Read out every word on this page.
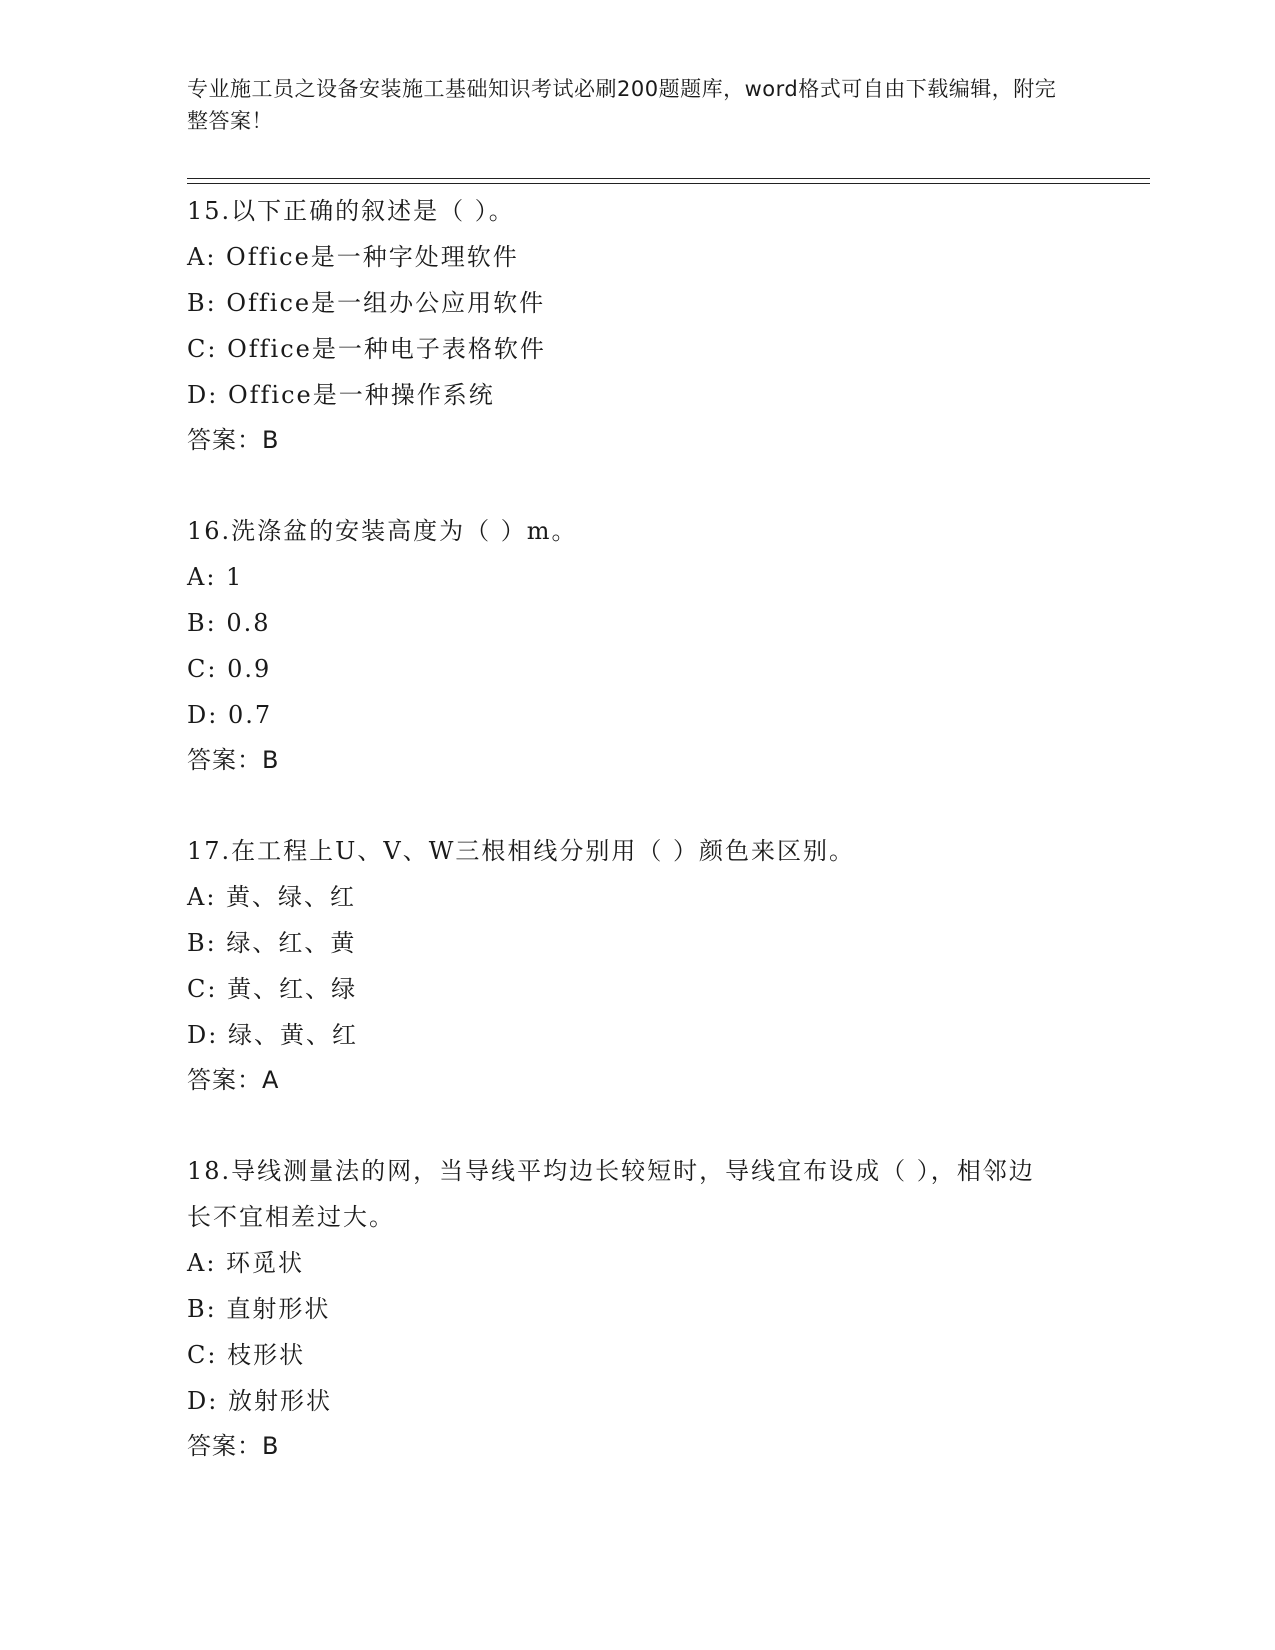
专业施工员之设备安装施工基础知识考试必刷200题题库，word格式可自由下载编辑，附完整答案！
15.以下正确的叙述是（ ）。
A: Office是一种字处理软件
B: Office是一组办公应用软件
C: Office是一种电子表格软件
D: Office是一种操作系统
答案：B
16.洗涤盆的安装高度为（ ）m。
A: 1
B: 0.8
C: 0.9
D: 0.7
答案：B
17.在工程上U、V、W三根相线分别用（ ）颜色来区别。
A: 黄、绿、红
B: 绿、红、黄
C: 黄、红、绿
D: 绿、黄、红
答案：A
18.导线测量法的网，当导线平均边长较短时，导线宜布设成（ ），相邻边长不宜相差过大。
A: 环觅状
B: 直射形状
C: 枝形状
D: 放射形状
答案：B
